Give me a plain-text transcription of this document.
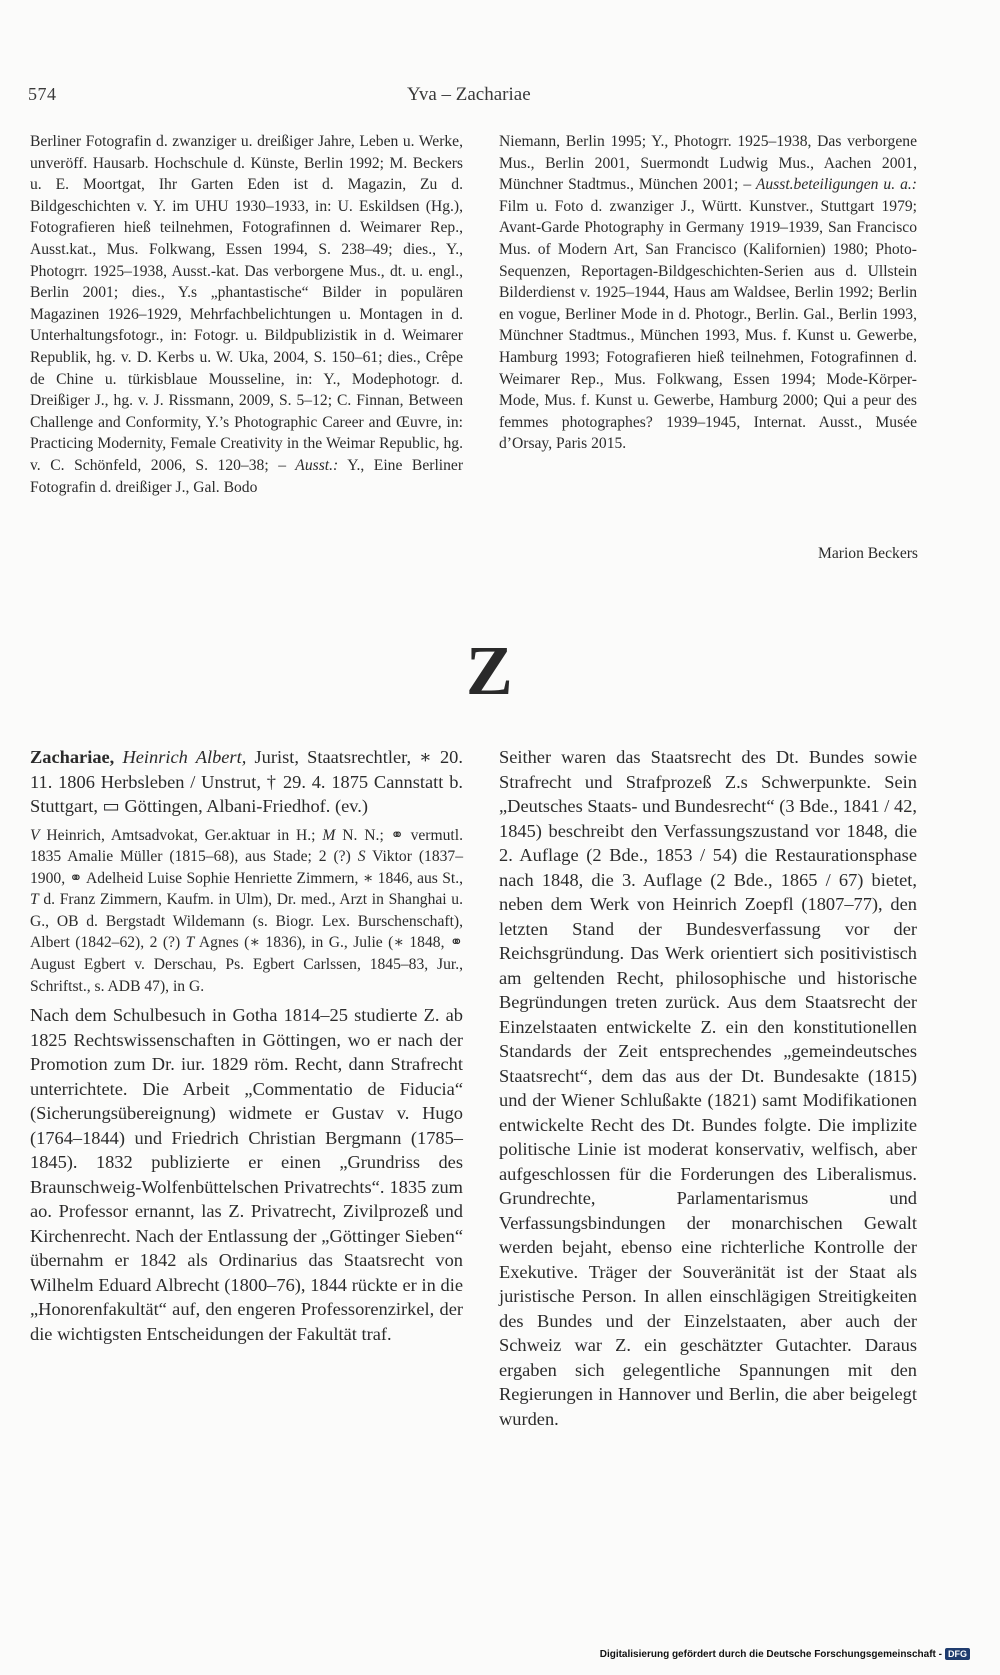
574	Yva – Zachariae
Berliner Fotografin d. zwanziger u. dreißiger Jahre, Leben u. Werke, unveröff. Hausarb. Hochschule d. Künste, Berlin 1992; M. Beckers u. E. Moortgat, Ihr Garten Eden ist d. Magazin, Zu d. Bildgeschichten v. Y. im UHU 1930–1933, in: U. Eskildsen (Hg.), Fotografieren hieß teilnehmen, Fotografinnen d. Weimarer Rep., Ausst.kat., Mus. Folkwang, Essen 1994, S. 238–49; dies., Y., Photogrr. 1925–1938, Ausst.-kat. Das verborgene Mus., dt. u. engl., Berlin 2001; dies., Y.s „phantastische“ Bilder in populären Magazinen 1926–1929, Mehrfachbelichtungen u. Montagen in d. Unterhaltungsfotogr., in: Fotogr. u. Bildpublizistik in d. Weimarer Republik, hg. v. D. Kerbs u. W. Uka, 2004, S. 150–61; dies., Crêpe de Chine u. türkisblaue Mousseline, in: Y., Modephotogr. d. Dreißiger J., hg. v. J. Rissmann, 2009, S. 5–12; C. Finnan, Between Challenge and Conformity, Y.’s Photographic Career and Œuvre, in: Practicing Modernity, Female Creativity in the Weimar Republic, hg. v. C. Schönfeld, 2006, S. 120–38; – Ausst.: Y., Eine Berliner Fotografin d. dreißiger J., Gal. Bodo
Niemann, Berlin 1995; Y., Photogrr. 1925–1938, Das verborgene Mus., Berlin 2001, Suermondt Ludwig Mus., Aachen 2001, Münchner Stadtmus., München 2001; – Ausst.beteiligungen u. a.: Film u. Foto d. zwanziger J., Württ. Kunstver., Stuttgart 1979; Avant-Garde Photography in Germany 1919–1939, San Francisco Mus. of Modern Art, San Francisco (Kalifornien) 1980; Photo-Sequenzen, Reportagen-Bildgeschichten-Serien aus d. Ullstein Bilderdienst v. 1925–1944, Haus am Waldsee, Berlin 1992; Berlin en vogue, Berliner Mode in d. Photogr., Berlin. Gal., Berlin 1993, Münchner Stadtmus., München 1993, Mus. f. Kunst u. Gewerbe, Hamburg 1993; Fotografieren hieß teilnehmen, Fotografinnen d. Weimarer Rep., Mus. Folkwang, Essen 1994; Mode-Körper-Mode, Mus. f. Kunst u. Gewerbe, Hamburg 2000; Qui a peur des femmes photographes? 1939–1945, Internat. Ausst., Musée d’Orsay, Paris 2015.
Marion Beckers
Z
Zachariae, Heinrich Albert, Jurist, Staatsrechtler, ∗ 20. 11. 1806 Herbsleben / Unstrut, † 29. 4. 1875 Cannstatt b. Stuttgart, ▭ Göttingen, Albani-Friedhof. (ev.)
V Heinrich, Amtsadvokat, Ger.aktuar in H.; M N. N.; ⚭ vermutl. 1835 Amalie Müller (1815–68), aus Stade; 2 (?) S Viktor (1837–1900, ⚭ Adelheid Luise Sophie Henriette Zimmern, ∗ 1846, aus St., T d. Franz Zimmern, Kaufm. in Ulm), Dr. med., Arzt in Shanghai u. G., OB d. Bergstadt Wildemann (s. Biogr. Lex. Burschenschaft), Albert (1842–62), 2 (?) T Agnes (∗ 1836), in G., Julie (∗ 1848, ⚭ August Egbert v. Derschau, Ps. Egbert Carlssen, 1845–83, Jur., Schriftst., s. ADB 47), in G.
Nach dem Schulbesuch in Gotha 1814–25 studierte Z. ab 1825 Rechtswissenschaften in Göttingen, wo er nach der Promotion zum Dr. iur. 1829 röm. Recht, dann Strafrecht unterrichtete. Die Arbeit „Commentatio de Fiducia“ (Sicherungsübereignung) widmete er Gustav v. Hugo (1764–1844) und Friedrich Christian Bergmann (1785–1845). 1832 publizierte er einen „Grundriss des Braunschweig-Wolfenbüttelschen Privatrechts“. 1835 zum ao. Professor ernannt, las Z. Privatrecht, Zivilprozeß und Kirchenrecht. Nach der Entlassung der „Göttinger Sieben“ übernahm er 1842 als Ordinarius das Staatsrecht von Wilhelm Eduard Albrecht (1800–76), 1844 rückte er in die „Honorenfakultät“ auf, den engeren Professorenzirkel, der die wichtigsten Entscheidungen der Fakultät traf.
Seither waren das Staatsrecht des Dt. Bundes sowie Strafrecht und Strafprozeß Z.s Schwerpunkte. Sein „Deutsches Staats- und Bundesrecht“ (3 Bde., 1841 / 42, 1845) beschreibt den Verfassungszustand vor 1848, die 2. Auflage (2 Bde., 1853 / 54) die Restaurationsphase nach 1848, die 3. Auflage (2 Bde., 1865 / 67) bietet, neben dem Werk von Heinrich Zoepfl (1807–77), den letzten Stand der Bundesverfassung vor der Reichsgründung. Das Werk orientiert sich positivistisch am geltenden Recht, philosophische und historische Begründungen treten zurück. Aus dem Staatsrecht der Einzelstaaten entwickelte Z. ein den konstitutionellen Standards der Zeit entsprechendes „gemeindeutsches Staatsrecht“, dem das aus der Dt. Bundesakte (1815) und der Wiener Schlußakte (1821) samt Modifikationen entwickelte Recht des Dt. Bundes folgte. Die implizite politische Linie ist moderat konservativ, welfisch, aber aufgeschlossen für die Forderungen des Liberalismus. Grundrechte, Parlamentarismus und Verfassungsbindungen der monarchischen Gewalt werden bejaht, ebenso eine richterliche Kontrolle der Exekutive. Träger der Souveränität ist der Staat als juristische Person. In allen einschlägigen Streitigkeiten des Bundes und der Einzelstaaten, aber auch der Schweiz war Z. ein geschätzter Gutachter. Daraus ergaben sich gelegentliche Spannungen mit den Regierungen in Hannover und Berlin, die aber beigelegt wurden.
Digitalisierung gefördert durch die Deutsche Forschungsgemeinschaft - DFG
